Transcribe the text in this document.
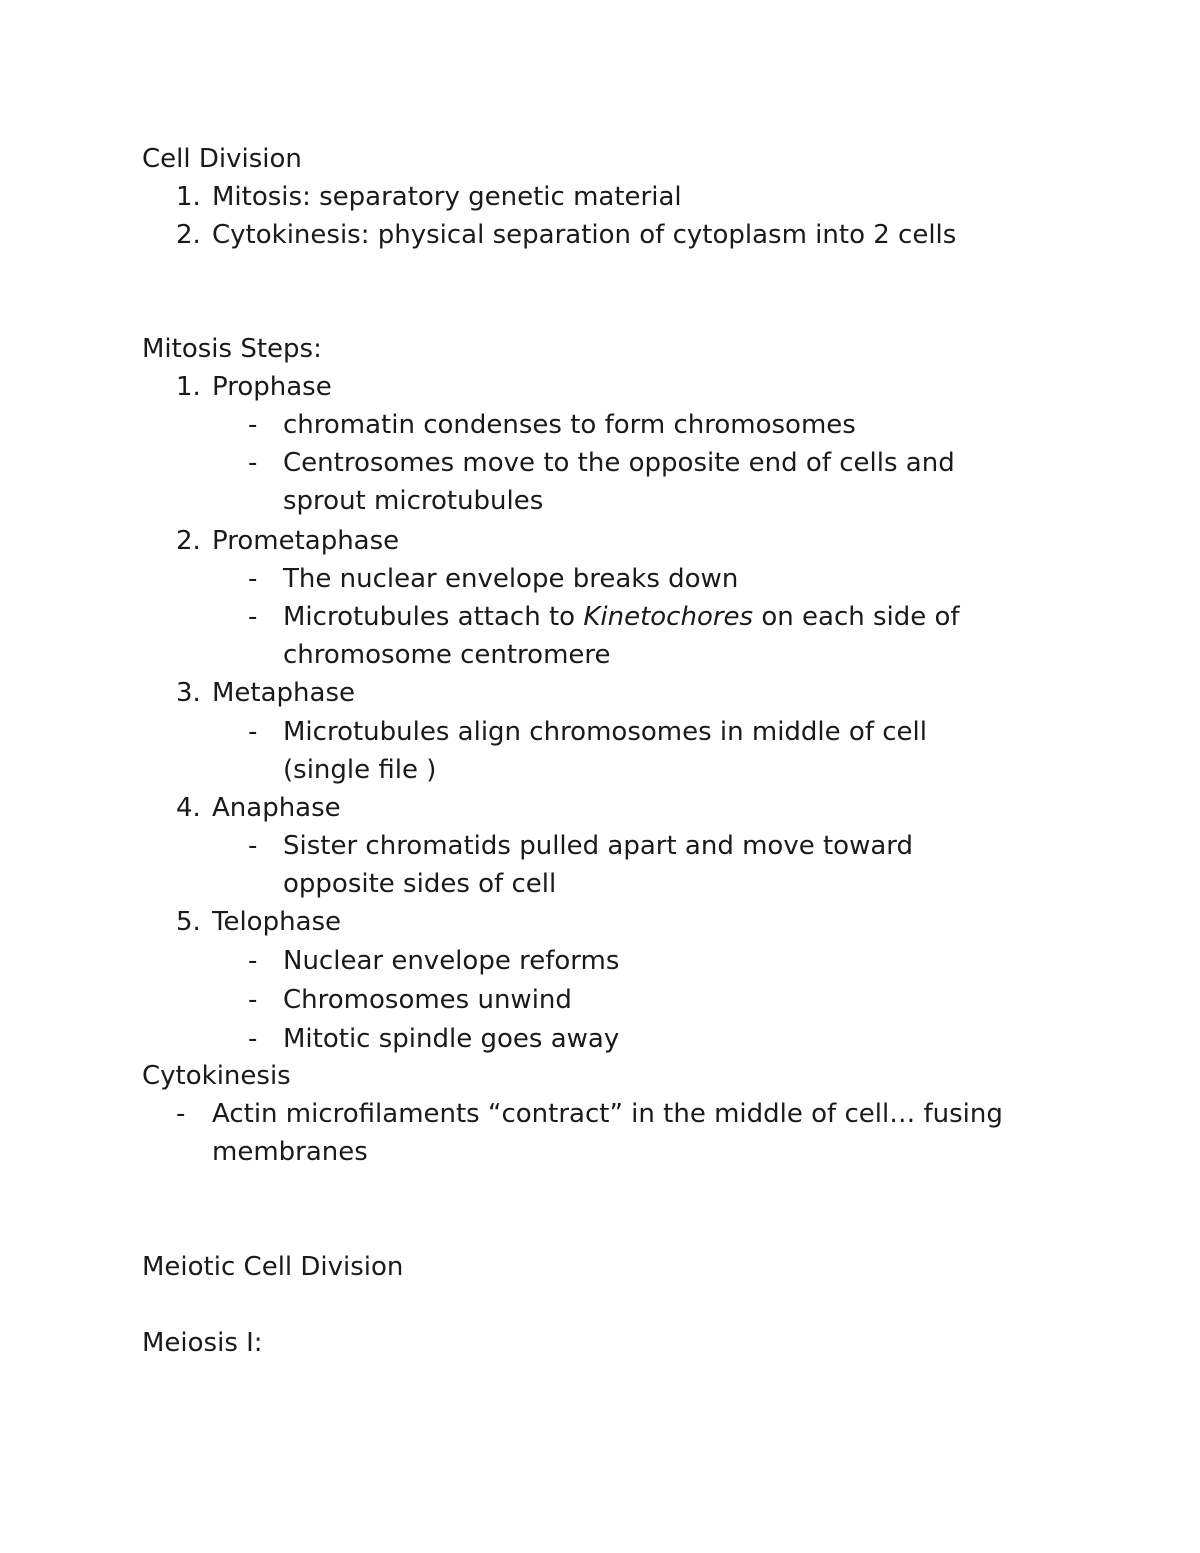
Cell Division
1. Mitosis: separatory genetic material
2. Cytokinesis: physical separation of cytoplasm into 2 cells
Mitosis Steps:
1. Prophase
- chromatin condenses to form chromosomes
- Centrosomes move to the opposite end of cells and
sprout microtubules
2. Prometaphase
- The nuclear envelope breaks down
- Microtubules attach to Kinetochores on each side of
chromosome centromere
3. Metaphase
- Microtubules align chromosomes in middle of cell
(single file )
4. Anaphase
- Sister chromatids pulled apart and move toward
opposite sides of cell
5. Telophase
- Nuclear envelope reforms
- Chromosomes unwind
- Mitotic spindle goes away
Cytokinesis
- Actin microfilaments “contract” in the middle of cell… fusing
membranes
Meiotic Cell Division
Meiosis I:
